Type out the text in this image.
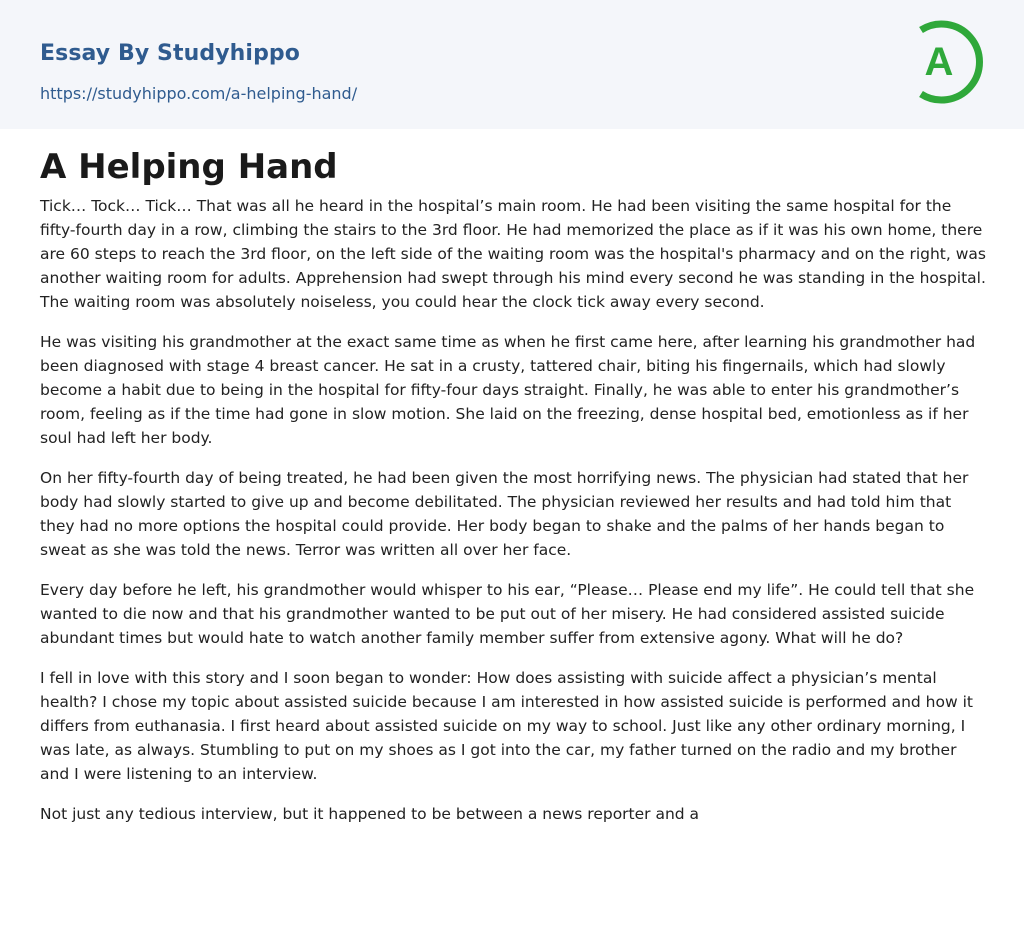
Essay By Studyhippo
https://studyhippo.com/a-helping-hand/
A
A Helping Hand

Tick… Tock… Tick… That was all he heard in the hospital’s main room. He had been visiting the same hospital for the fifty-fourth day in a row, climbing the stairs to the 3rd floor. He had memorized the place as if it was his own home, there are 60 steps to reach the 3rd floor, on the left side of the waiting room was the hospital's pharmacy and on the right, was another waiting room for adults. Apprehension had swept through his mind every second he was standing in the hospital. The waiting room was absolutely noiseless, you could hear the clock tick away every second.

He was visiting his grandmother at the exact same time as when he first came here, after learning his grandmother had been diagnosed with stage 4 breast cancer. He sat in a crusty, tattered chair, biting his fingernails, which had slowly become a habit due to being in the hospital for fifty-four days straight. Finally, he was able to enter his grandmother’s room, feeling as if the time had gone in slow motion. She laid on the freezing, dense hospital bed, emotionless as if her soul had left her body.

On her fifty-fourth day of being treated, he had been given the most horrifying news. The physician had stated that her body had slowly started to give up and become debilitated. The physician reviewed her results and had told him that they had no more options the hospital could provide. Her body began to shake and the palms of her hands began to sweat as she was told the news. Terror was written all over her face.

Every day before he left, his grandmother would whisper to his ear, “Please… Please end my life”. He could tell that she wanted to die now and that his grandmother wanted to be put out of her misery. He had considered assisted suicide abundant times but would hate to watch another family member suffer from extensive agony. What will he do?

I fell in love with this story and I soon began to wonder: How does assisting with suicide affect a physician’s mental health? I chose my topic about assisted suicide because I am interested in how assisted suicide is performed and how it differs from euthanasia. I first heard about assisted suicide on my way to school. Just like any other ordinary morning, I was late, as always. Stumbling to put on my shoes as I got into the car, my father turned on the radio and my brother and I were listening to an interview.

Not just any tedious interview, but it happened to be between a news reporter and a
